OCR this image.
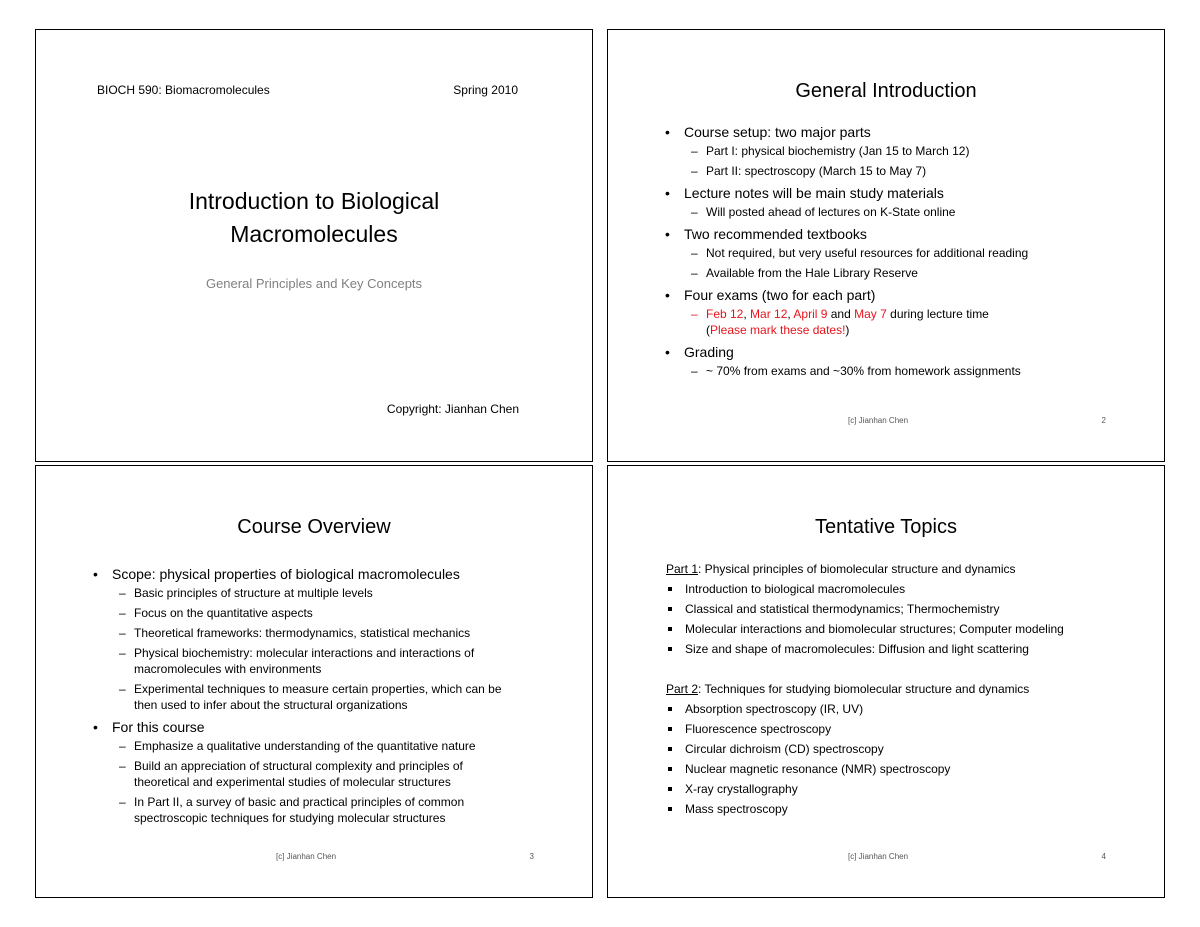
BIOCH 590: Biomacromolecules	Spring 2010
Introduction to Biological
Macromolecules
General Principles and Key Concepts
Copyright: Jianhan Chen
General Introduction
• Course setup: two major parts
– Part I: physical biochemistry (Jan 15 to March 12)
– Part II: spectroscopy (March 15 to May 7)
• Lecture notes will be main study materials
– Will posted ahead of lectures on K-State online
• Two recommended textbooks
– Not required, but very useful resources for additional reading
– Available from the Hale Library Reserve
• Four exams (two for each part)
– Feb 12, Mar 12, April 9 and May 7 during lecture time
(Please mark these dates!)
• Grading
– ~ 70% from exams and ~30% from homework assignments
[c] Jianhan Chen	2
Course Overview
• Scope: physical properties of biological macromolecules
– Basic principles of structure at multiple levels
– Focus on the quantitative aspects
– Theoretical frameworks: thermodynamics, statistical mechanics
– Physical biochemistry: molecular interactions and interactions of macromolecules with environments
– Experimental techniques to measure certain properties, which can be then used to infer about the structural organizations
• For this course
– Emphasize a qualitative understanding of the quantitative nature
– Build an appreciation of structural complexity and principles of theoretical and experimental studies of molecular structures
– In Part II, a survey of basic and practical principles of common spectroscopic techniques for studying molecular structures
[c] Jianhan Chen	3
Tentative Topics
Part 1: Physical principles of biomolecular structure and dynamics
Introduction to biological macromolecules
Classical and statistical thermodynamics; Thermochemistry
Molecular interactions and biomolecular structures; Computer modeling
Size and shape of macromolecules: Diffusion and light scattering
Part 2: Techniques for studying biomolecular structure and dynamics
Absorption spectroscopy (IR, UV)
Fluorescence spectroscopy
Circular dichroism (CD) spectroscopy
Nuclear magnetic resonance (NMR) spectroscopy
X-ray crystallography
Mass spectroscopy
[c] Jianhan Chen	4
